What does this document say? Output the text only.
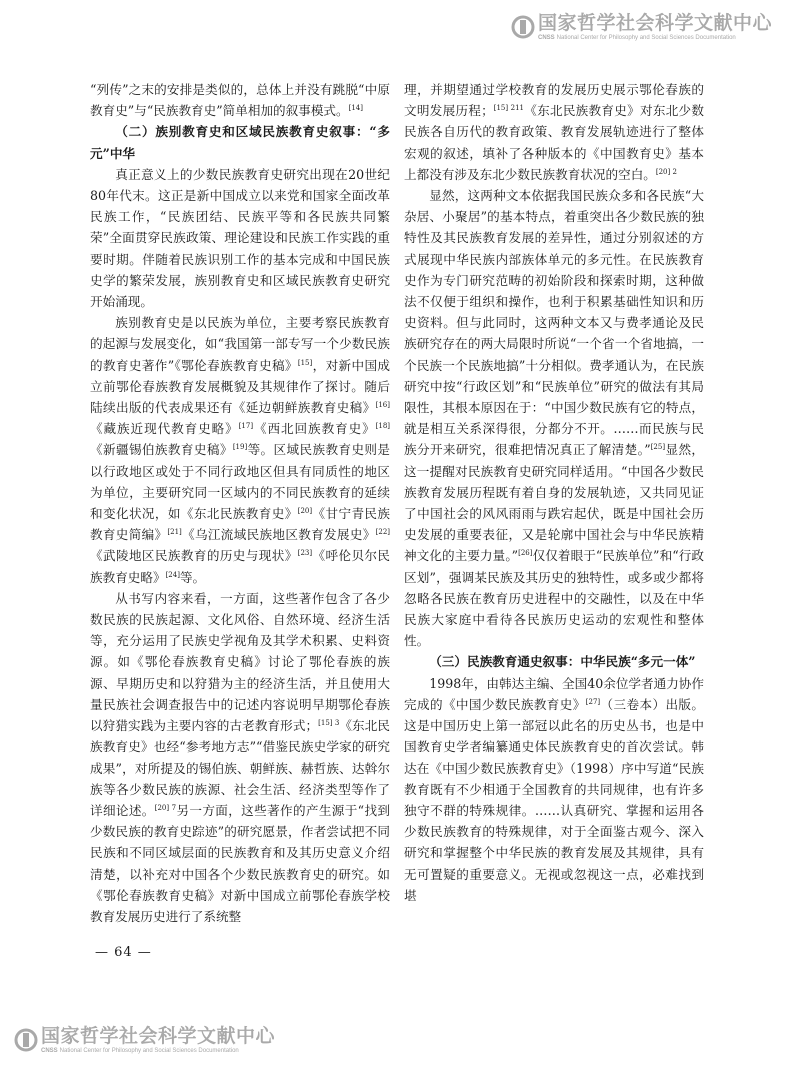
国家哲学社会科学文献中心
CNSS National Center for Philosophy and Social Sciences Documentation

“列传”之末的安排是类似的，总体上并没有跳脱“中原教育史”与“民族教育史”简单相加的叙事模式。[14]

（二）族别教育史和区域民族教育史叙事：“多元”中华

真正意义上的少数民族教育史研究出现在20世纪80年代末。这正是新中国成立以来党和国家全面改革民族工作，“民族团结、民族平等和各民族共同繁荣”全面贯穿民族政策、理论建设和民族工作实践的重要时期。伴随着民族识别工作的基本完成和中国民族史学的繁荣发展，族别教育史和区域民族教育史研究开始涌现。

族别教育史是以民族为单位，主要考察民族教育的起源与发展变化，如“我国第一部专写一个少数民族的教育史著作”《鄂伦春族教育史稿》[15]，对新中国成立前鄂伦春族教育发展概貌及其规律作了探讨。随后陆续出版的代表成果还有《延边朝鲜族教育史稿》[16]《藏族近现代教育史略》[17]《西北回族教育史》[18]《新疆锡伯族教育史稿》[19]等。区域民族教育史则是以行政地区或处于不同行政地区但具有同质性的地区为单位，主要研究同一区域内的不同民族教育的延续和变化状况，如《东北民族教育史》[20]《甘宁青民族教育史简编》[21]《乌江流域民族地区教育发展史》[22]《武陵地区民族教育的历史与现状》[23]《呼伦贝尔民族教育史略》[24]等。

从书写内容来看，一方面，这些著作包含了各少数民族的民族起源、文化风俗、自然环境、经济生活等，充分运用了民族史学视角及其学术积累、史料资源。如《鄂伦春族教育史稿》讨论了鄂伦春族的族源、早期历史和以狩猎为主的经济生活，并且使用大量民族社会调查报告中的记述内容说明早期鄂伦春族以狩猎实践为主要内容的古老教育形式；$^{[15] 3}$《东北民族教育史》也经“参考地方志”“借鉴民族史学家的研究成果”，对所提及的锡伯族、朝鲜族、赫哲族、达斡尔族等各少数民族的族源、社会生活、经济类型等作了详细论述。$^{[20] 7}$另一方面，这些著作的产生源于“找到少数民族的教育史踪迹”的研究愿景，作者尝试把不同民族和不同区域层面的民族教育和及其历史意义介绍清楚，以补充对中国各个少数民族教育史的研究。如《鄂伦春族教育史稿》对新中国成立前鄂伦春族学校教育发展历史进行了系统整

理，并期望通过学校教育的发展历史展示鄂伦春族的文明发展历程；$^{[15] 211}$《东北民族教育史》对东北少数民族各自历代的教育政策、教育发展轨迹进行了整体宏观的叙述，填补了各种版本的《中国教育史》基本上都没有涉及东北少数民族教育状况的空白。$^{[20] 2}$

显然，这两种文本依据我国民族众多和各民族“大杂居、小聚居”的基本特点，着重突出各少数民族的独特性及其民族教育发展的差异性，通过分别叙述的方式展现中华民族内部族体单元的多元性。在民族教育史作为专门研究范畴的初始阶段和探索时期，这种做法不仅便于组织和操作，也利于积累基础性知识和历史资料。但与此同时，这两种文本又与费孝通论及民族研究存在的两大局限时所说“一个省一个省地搞，一个民族一个民族地搞”十分相似。费孝通认为，在民族研究中按“行政区划”和“民族单位”研究的做法有其局限性，其根本原因在于：“中国少数民族有它的特点，就是相互关系深得很，分都分不开。……而民族与民族分开来研究，很难把情况真正了解清楚。”[25]显然，这一提醒对民族教育史研究同样适用。“中国各少数民族教育发展历程既有着自身的发展轨迹，又共同见证了中国社会的风风雨雨与跌宕起伏，既是中国社会历史发展的重要表征，又是轮廓中国社会与中华民族精神文化的主要力量。”[26]仅仅着眼于“民族单位”和“行政区划”，强调某民族及其历史的独特性，或多或少都将忽略各民族在教育历史进程中的交融性，以及在中华民族大家庭中看待各民族历史运动的宏观性和整体性。

（三）民族教育通史叙事：中华民族“多元一体”

1998年，由韩达主编、全国40余位学者通力协作完成的《中国少数民族教育史》[27]（三卷本）出版。这是中国历史上第一部冠以此名的历史丛书，也是中国教育史学者编纂通史体民族教育史的首次尝试。韩达在《中国少数民族教育史》（1998）序中写道“民族教育既有不少相通于全国教育的共同规律，也有许多独守不群的特殊规律。……认真研究、掌握和运用各少数民族教育的特殊规律，对于全面鉴古观今、深入研究和掌握整个中华民族的教育发展及其规律，具有无可置疑的重要意义。无视或忽视这一点，必难找到堪

— 64 —
国家哲学社会科学文献中心
CNSS National Center for Philosophy and Social Sciences Documentation
